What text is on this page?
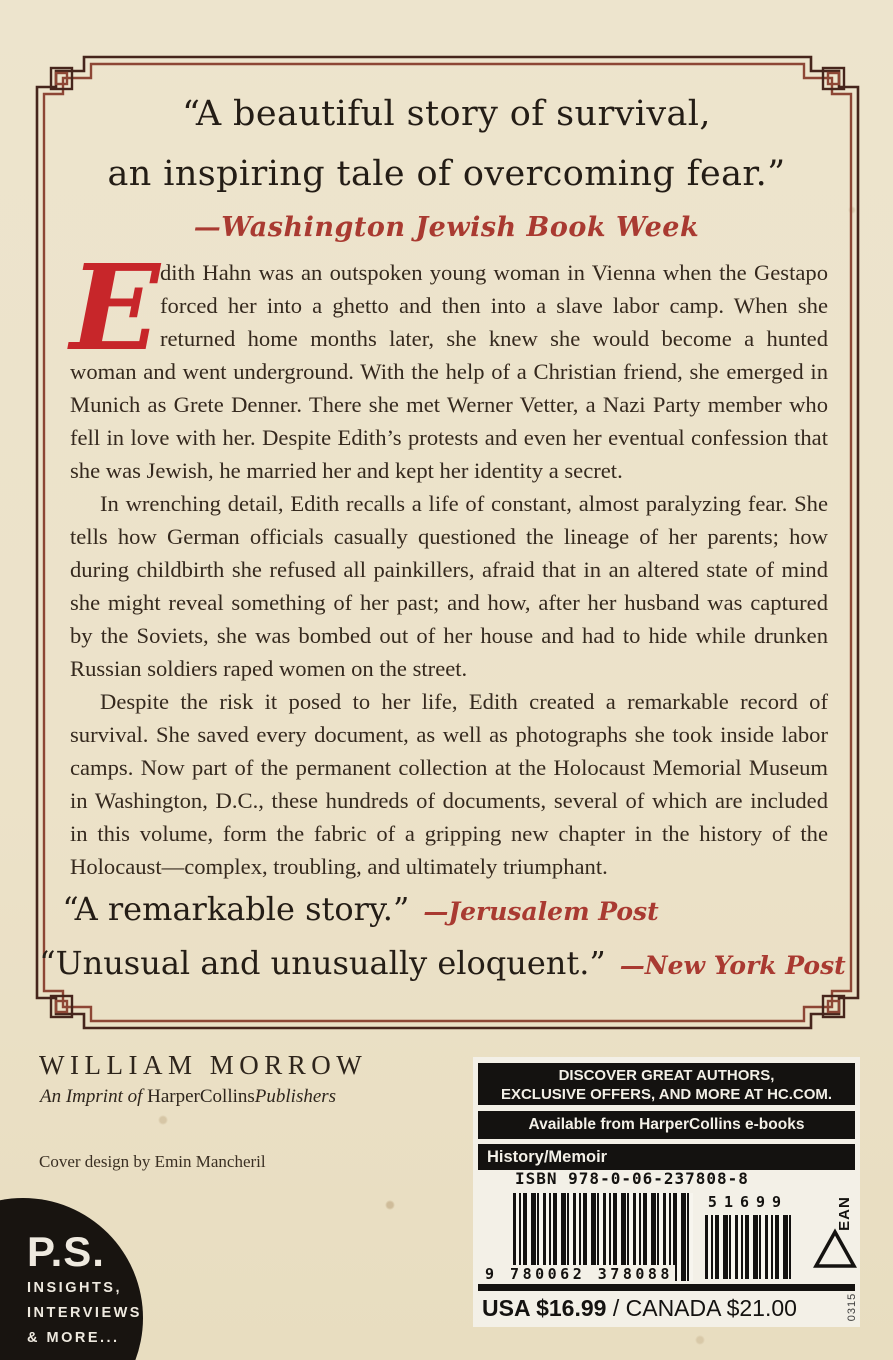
“A beautiful story of survival,
an inspiring tale of overcoming fear.”
—Washington Jewish Book Week

Edith Hahn was an outspoken young woman in Vienna when the Gestapo forced her into a ghetto and then into a slave labor camp. When she returned home months later, she knew she would become a hunted woman and went underground. With the help of a Christian friend, she emerged in Munich as Grete Denner. There she met Werner Vetter, a Nazi Party member who fell in love with her. Despite Edith’s protests and even her eventual confession that she was Jewish, he married her and kept her identity a secret.

In wrenching detail, Edith recalls a life of constant, almost paralyzing fear. She tells how German officials casually questioned the lineage of her parents; how during childbirth she refused all painkillers, afraid that in an altered state of mind she might reveal something of her past; and how, after her husband was captured by the Soviets, she was bombed out of her house and had to hide while drunken Russian soldiers raped women on the street.

Despite the risk it posed to her life, Edith created a remarkable record of survival. She saved every document, as well as photographs she took inside labor camps. Now part of the permanent collection at the Holocaust Memorial Museum in Washington, D.C., these hundreds of documents, several of which are included in this volume, form the fabric of a gripping new chapter in the history of the Holocaust—complex, troubling, and ultimately triumphant.

“A remarkable story.” —Jerusalem Post
“Unusual and unusually eloquent.” —New York Post
WILLIAM MORROW
An Imprint of HarperCollinsPublishers
Cover design by Emin Mancheril
P.S.
INSIGHTS,
INTERVIEWS
& MORE...
DISCOVER GREAT AUTHORS,
EXCLUSIVE OFFERS, AND MORE AT HC.COM.
Available from HarperCollins e-books
History/Memoir
ISBN 978-0-06-237808-8
9 780062 378088
51699	EAN
USA $16.99 / CANADA $21.00	0315
